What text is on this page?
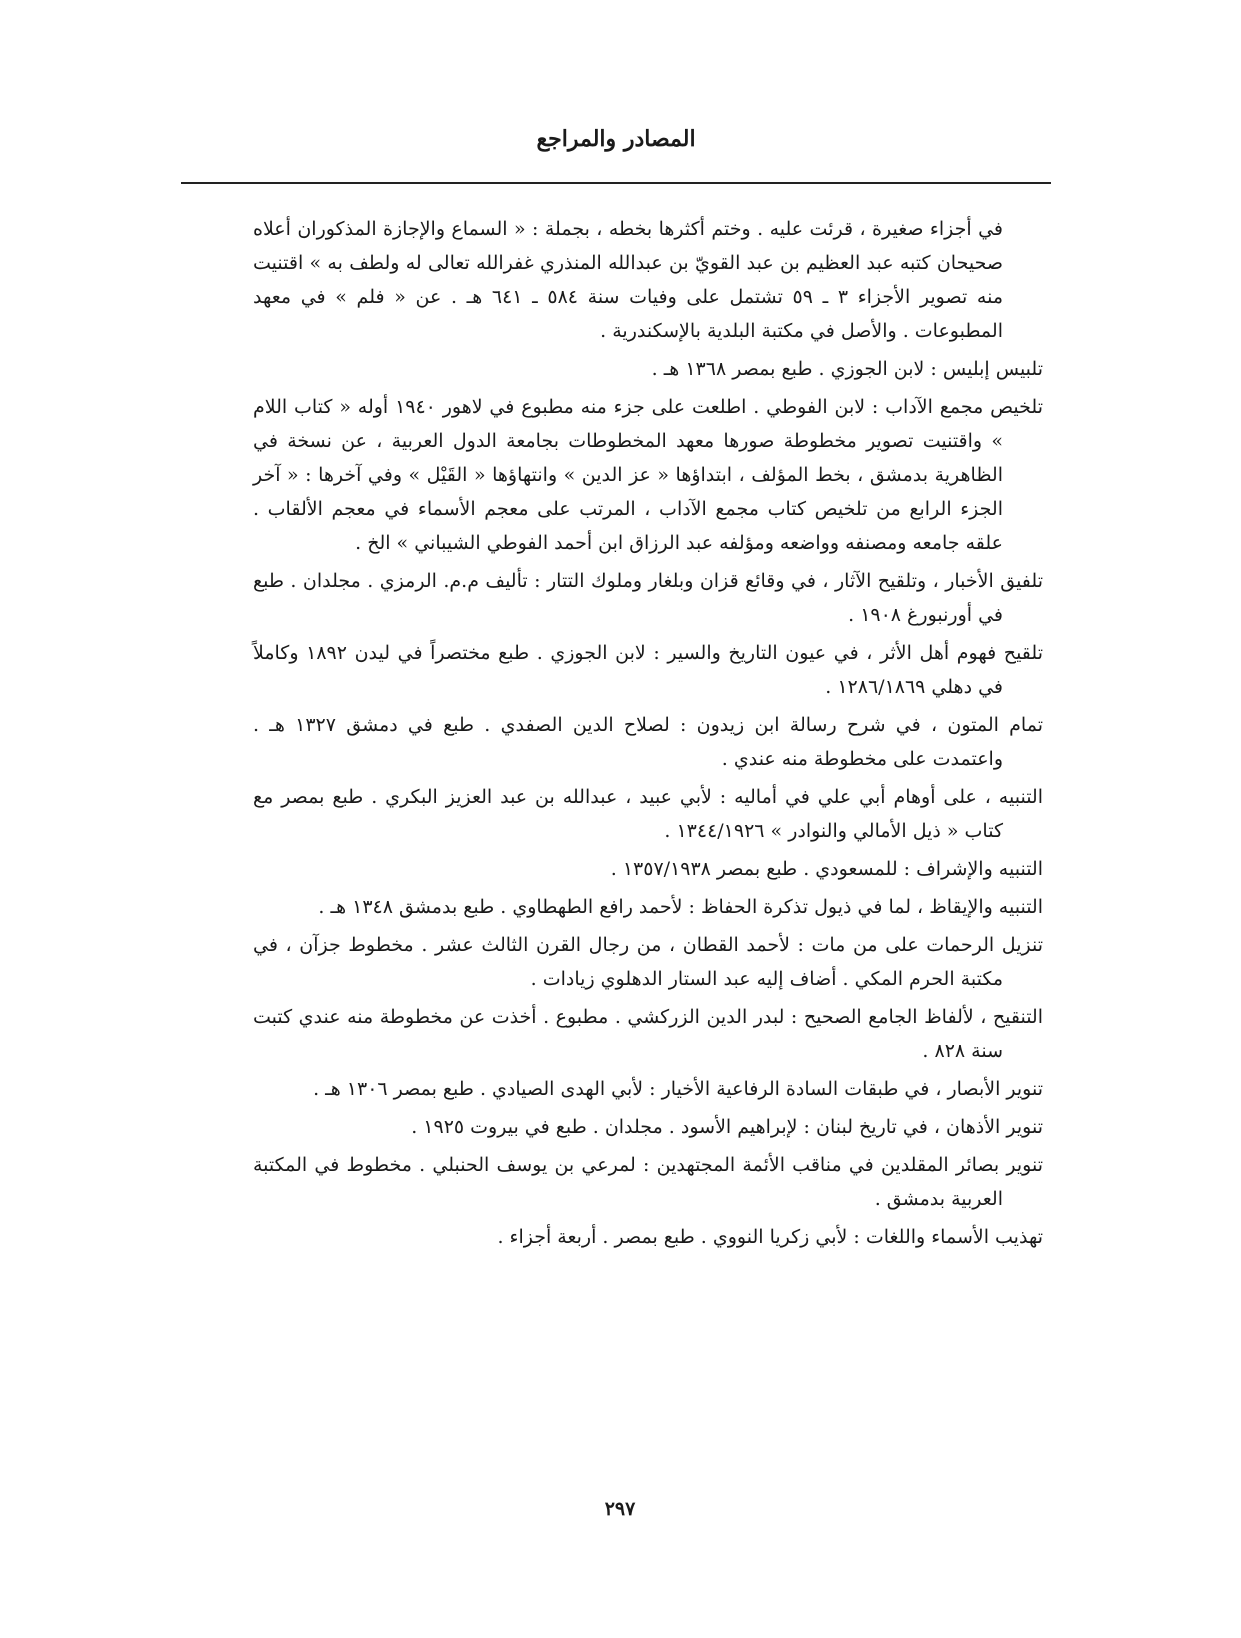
المصادر والمراجع

في أجزاء صغيرة ، قرئت عليه . وختم أكثرها بخطه ، بجملة : « السماع والإجازة المذكوران أعلاه صحيحان كتبه عبد العظيم بن عبد القويّ بن عبدالله المنذري غفرالله تعالى له ولطف به » اقتنيت منه تصوير الأجزاء ٣ ـ ٥٩ تشتمل على وفيات سنة ٥٨٤ ـ ٦٤١ هـ . عن « فلم » في معهد المطبوعات . والأصل في مكتبة البلدية بالإسكندرية .

تلبيس إبليس : لابن الجوزي . طبع بمصر ١٣٦٨ هـ .

تلخيص مجمع الآداب : لابن الفوطي . اطلعت على جزء منه مطبوع في لاهور ١٩٤٠ أوله « كتاب اللام » واقتنيت تصوير مخطوطة صورها معهد المخطوطات بجامعة الدول العربية ، عن نسخة في الظاهرية بدمشق ، بخط المؤلف ، ابتداؤها « عز الدين » وانتهاؤها « القَيْل » وفي آخرها : « آخر الجزء الرابع من تلخيص كتاب مجمع الآداب ، المرتب على معجم الأسماء في معجم الألقاب . علقه جامعه ومصنفه وواضعه ومؤلفه عبد الرزاق ابن أحمد الفوطي الشيباني » الخ .

تلفيق الأخبار ، وتلقيح الآثار ، في وقائع قزان وبلغار وملوك التتار : تأليف م.م. الرمزي . مجلدان . طبع في أورنبورغ ١٩٠٨ .

تلقيح فهوم أهل الأثر ، في عيون التاريخ والسير : لابن الجوزي . طبع مختصراً في ليدن ١٨٩٢ وكاملاً في دهلي ١٢٨٦/١٨٦٩ .

تمام المتون ، في شرح رسالة ابن زيدون : لصلاح الدين الصفدي . طبع في دمشق ١٣٢٧ هـ . واعتمدت على مخطوطة منه عندي .

التنبيه ، على أوهام أبي علي في أماليه : لأبي عبيد ، عبدالله بن عبد العزيز البكري . طبع بمصر مع كتاب « ذيل الأمالي والنوادر » ١٣٤٤/١٩٢٦ .

التنبيه والإشراف : للمسعودي . طبع بمصر ١٣٥٧/١٩٣٨ .

التنبيه والإيقاظ ، لما في ذيول تذكرة الحفاظ : لأحمد رافع الطهطاوي . طبع بدمشق ١٣٤٨ هـ .

تنزيل الرحمات على من مات : لأحمد القطان ، من رجال القرن الثالث عشر . مخطوط جزآن ، في مكتبة الحرم المكي . أضاف إليه عبد الستار الدهلوي زيادات .

التنقيح ، لألفاظ الجامع الصحيح : لبدر الدين الزركشي . مطبوع . أخذت عن مخطوطة منه عندي كتبت سنة ٨٢٨ .

تنوير الأبصار ، في طبقات السادة الرفاعية الأخيار : لأبي الهدى الصيادي . طبع بمصر ١٣٠٦ هـ .

تنوير الأذهان ، في تاريخ لبنان : لإبراهيم الأسود . مجلدان . طبع في بيروت ١٩٢٥ .

تنوير بصائر المقلدين في مناقب الأئمة المجتهدين : لمرعي بن يوسف الحنبلي . مخطوط في المكتبة العربية بدمشق .

تهذيب الأسماء واللغات : لأبي زكريا النووي . طبع بمصر . أربعة أجزاء .

٢٩٧
